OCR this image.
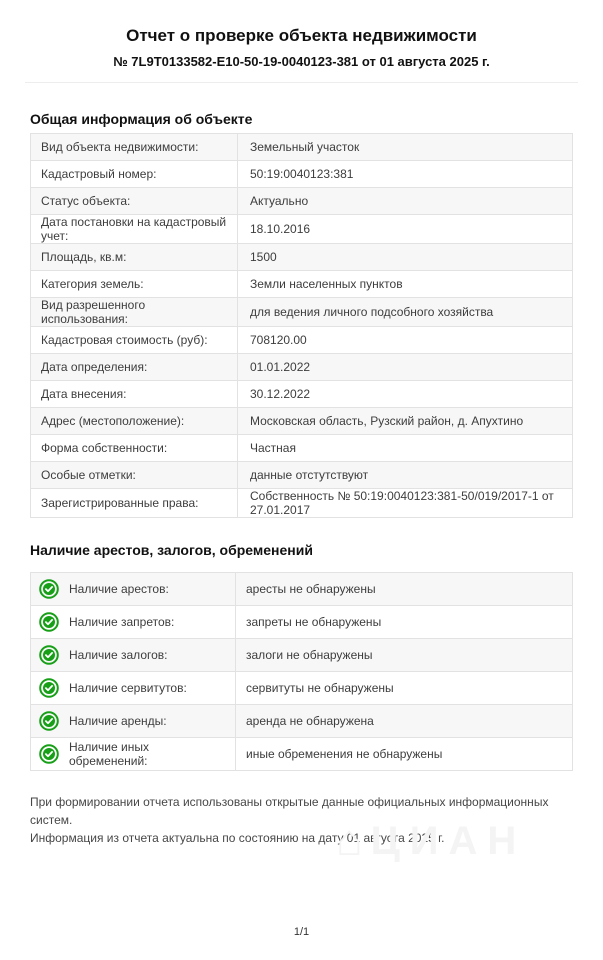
Отчет о проверке объекта недвижимости
№ 7L9T0133582-E10-50-19-0040123-381 от 01 августа 2025 г.
Общая информация об объекте
Вид объекта недвижимости:	Земельный участок
Кадастровый номер:	50:19:0040123:381
Статус объекта:	Актуально
Дата постановки на кадастровый учет:	18.10.2016
Площадь, кв.м:	1500
Категория земель:	Земли населенных пунктов
Вид разрешенного использования:	для ведения личного подсобного хозяйства
Кадастровая стоимость (руб):	708120.00
Дата определения:	01.01.2022
Дата внесения:	30.12.2022
Адрес (местоположение):	Московская область, Рузский район, д. Апухтино
Форма собственности:	Частная
Особые отметки:	данные отстутствуют
Зарегистрированные права:	Собственность № 50:19:0040123:381-50/019/2017-1 от 27.01.2017
Наличие арестов, залогов, обременений
Наличие арестов:	аресты не обнаружены

Наличие запретов:	запреты не обнаружены

Наличие залогов:	залоги не обнаружены

Наличие сервитутов:	сервитуты не обнаружены

Наличие аренды:	аренда не обнаружена

Наличие иных обременений:	иные обременения не обнаружены
При формировании отчета использованы открытые данные официальных информационных систем.
Информация из отчета актуальна по состоянию на дату 01 августа 2025 г.
⌂ ЦИАН
1/1
